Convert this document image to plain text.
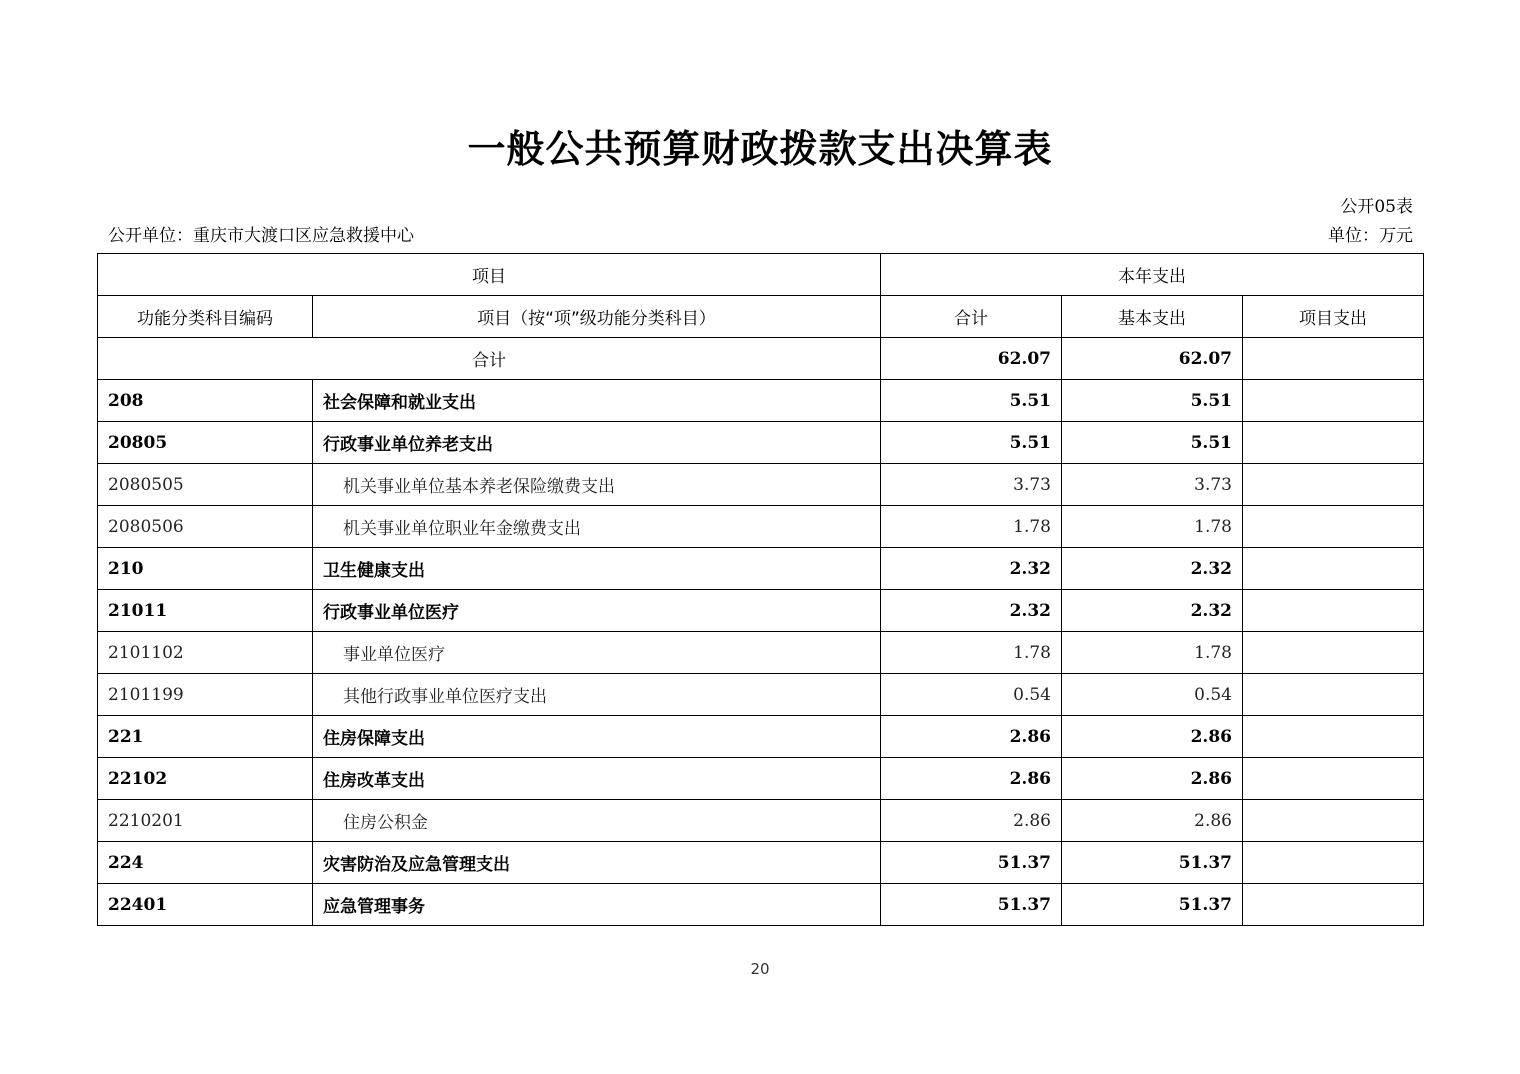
一般公共预算财政拨款支出决算表
公开05表
公开单位：重庆市大渡口区应急救援中心	单位：万元
项目		本年支出		
功能分类科目编码	项目（按“项”级功能分类科目）	合计	基本支出	项目支出
合计		62.07	62.07	
208	社会保障和就业支出	5.51	5.51	
20805	行政事业单位养老支出	5.51	5.51	
2080505	机关事业单位基本养老保险缴费支出	3.73	3.73	
2080506	机关事业单位职业年金缴费支出	1.78	1.78	
210	卫生健康支出	2.32	2.32	
21011	行政事业单位医疗	2.32	2.32	
2101102	事业单位医疗	1.78	1.78	
2101199	其他行政事业单位医疗支出	0.54	0.54	
221	住房保障支出	2.86	2.86	
22102	住房改革支出	2.86	2.86	
2210201	住房公积金	2.86	2.86	
224	灾害防治及应急管理支出	51.37	51.37	
22401	应急管理事务	51.37	51.37	
20
